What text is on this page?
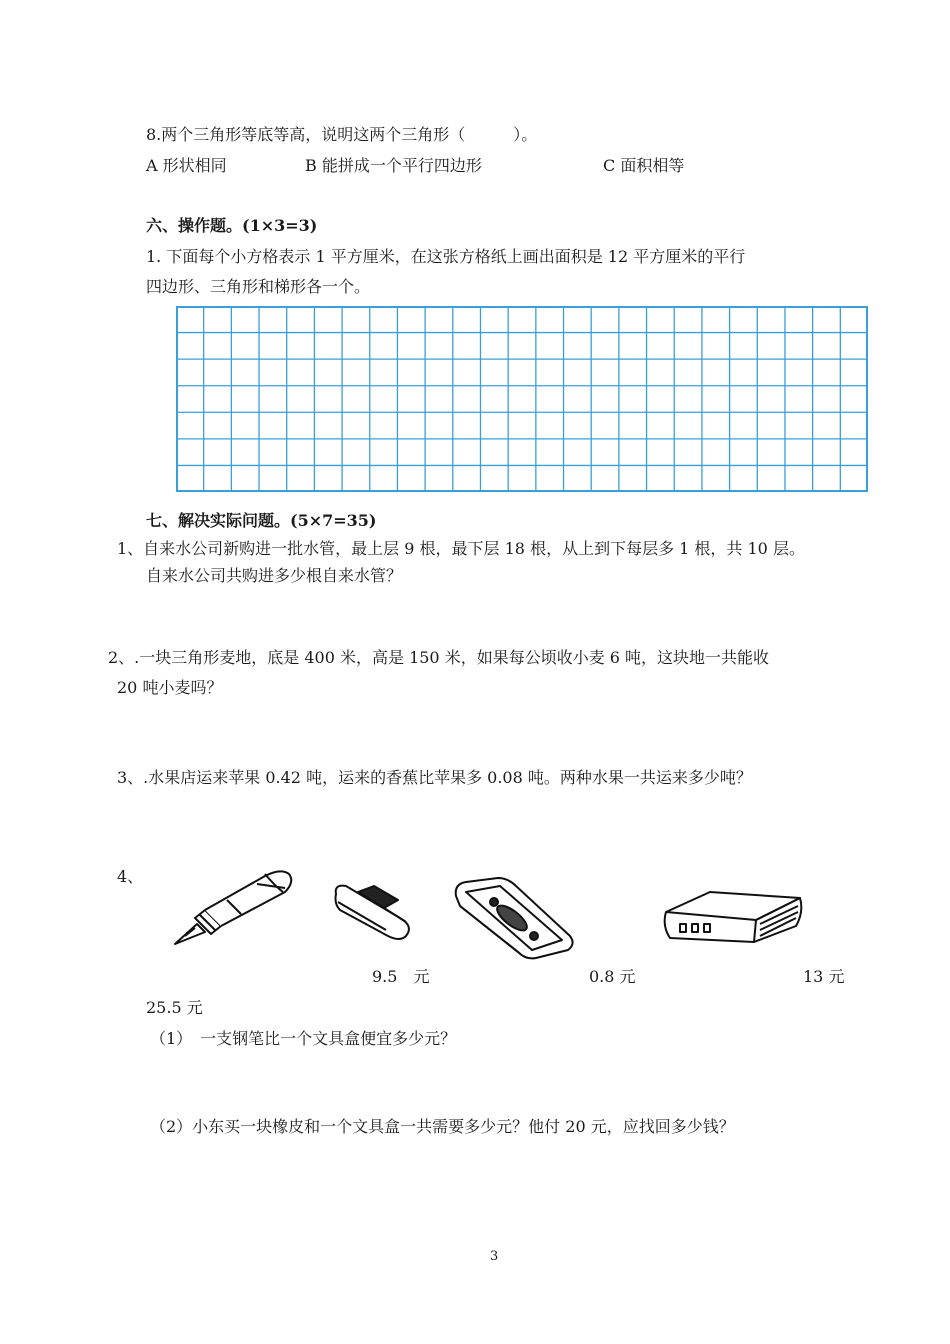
8.两个三角形等底等高，说明这两个三角形（　　　）。
A 形状相同	B 能拼成一个平行四边形	C 面积相等
六、操作题。(1×3=3)
1. 下面每个小方格表示 1 平方厘米，在这张方格纸上画出面积是 12 平方厘米的平行
四边形、三角形和梯形各一个。
七、解决实际问题。(5×7=35)
1、自来水公司新购进一批水管，最上层 9 根，最下层 18 根，从上到下每层多 1 根，共 10 层。
自来水公司共购进多少根自来水管？
2、.一块三角形麦地，底是 400 米，高是 150 米，如果每公顷收小麦 6 吨，这块地一共能收
20 吨小麦吗？
3、.水果店运来苹果 0.42 吨，运来的香蕉比苹果多 0.08 吨。两种水果一共运来多少吨？
4、
9.5　元	0.8 元	13 元
25.5 元
（1）　一支钢笔比一个文具盒便宜多少元？
（2）小东买一块橡皮和一个文具盒一共需要多少元？他付 20 元，应找回多少钱？
3
